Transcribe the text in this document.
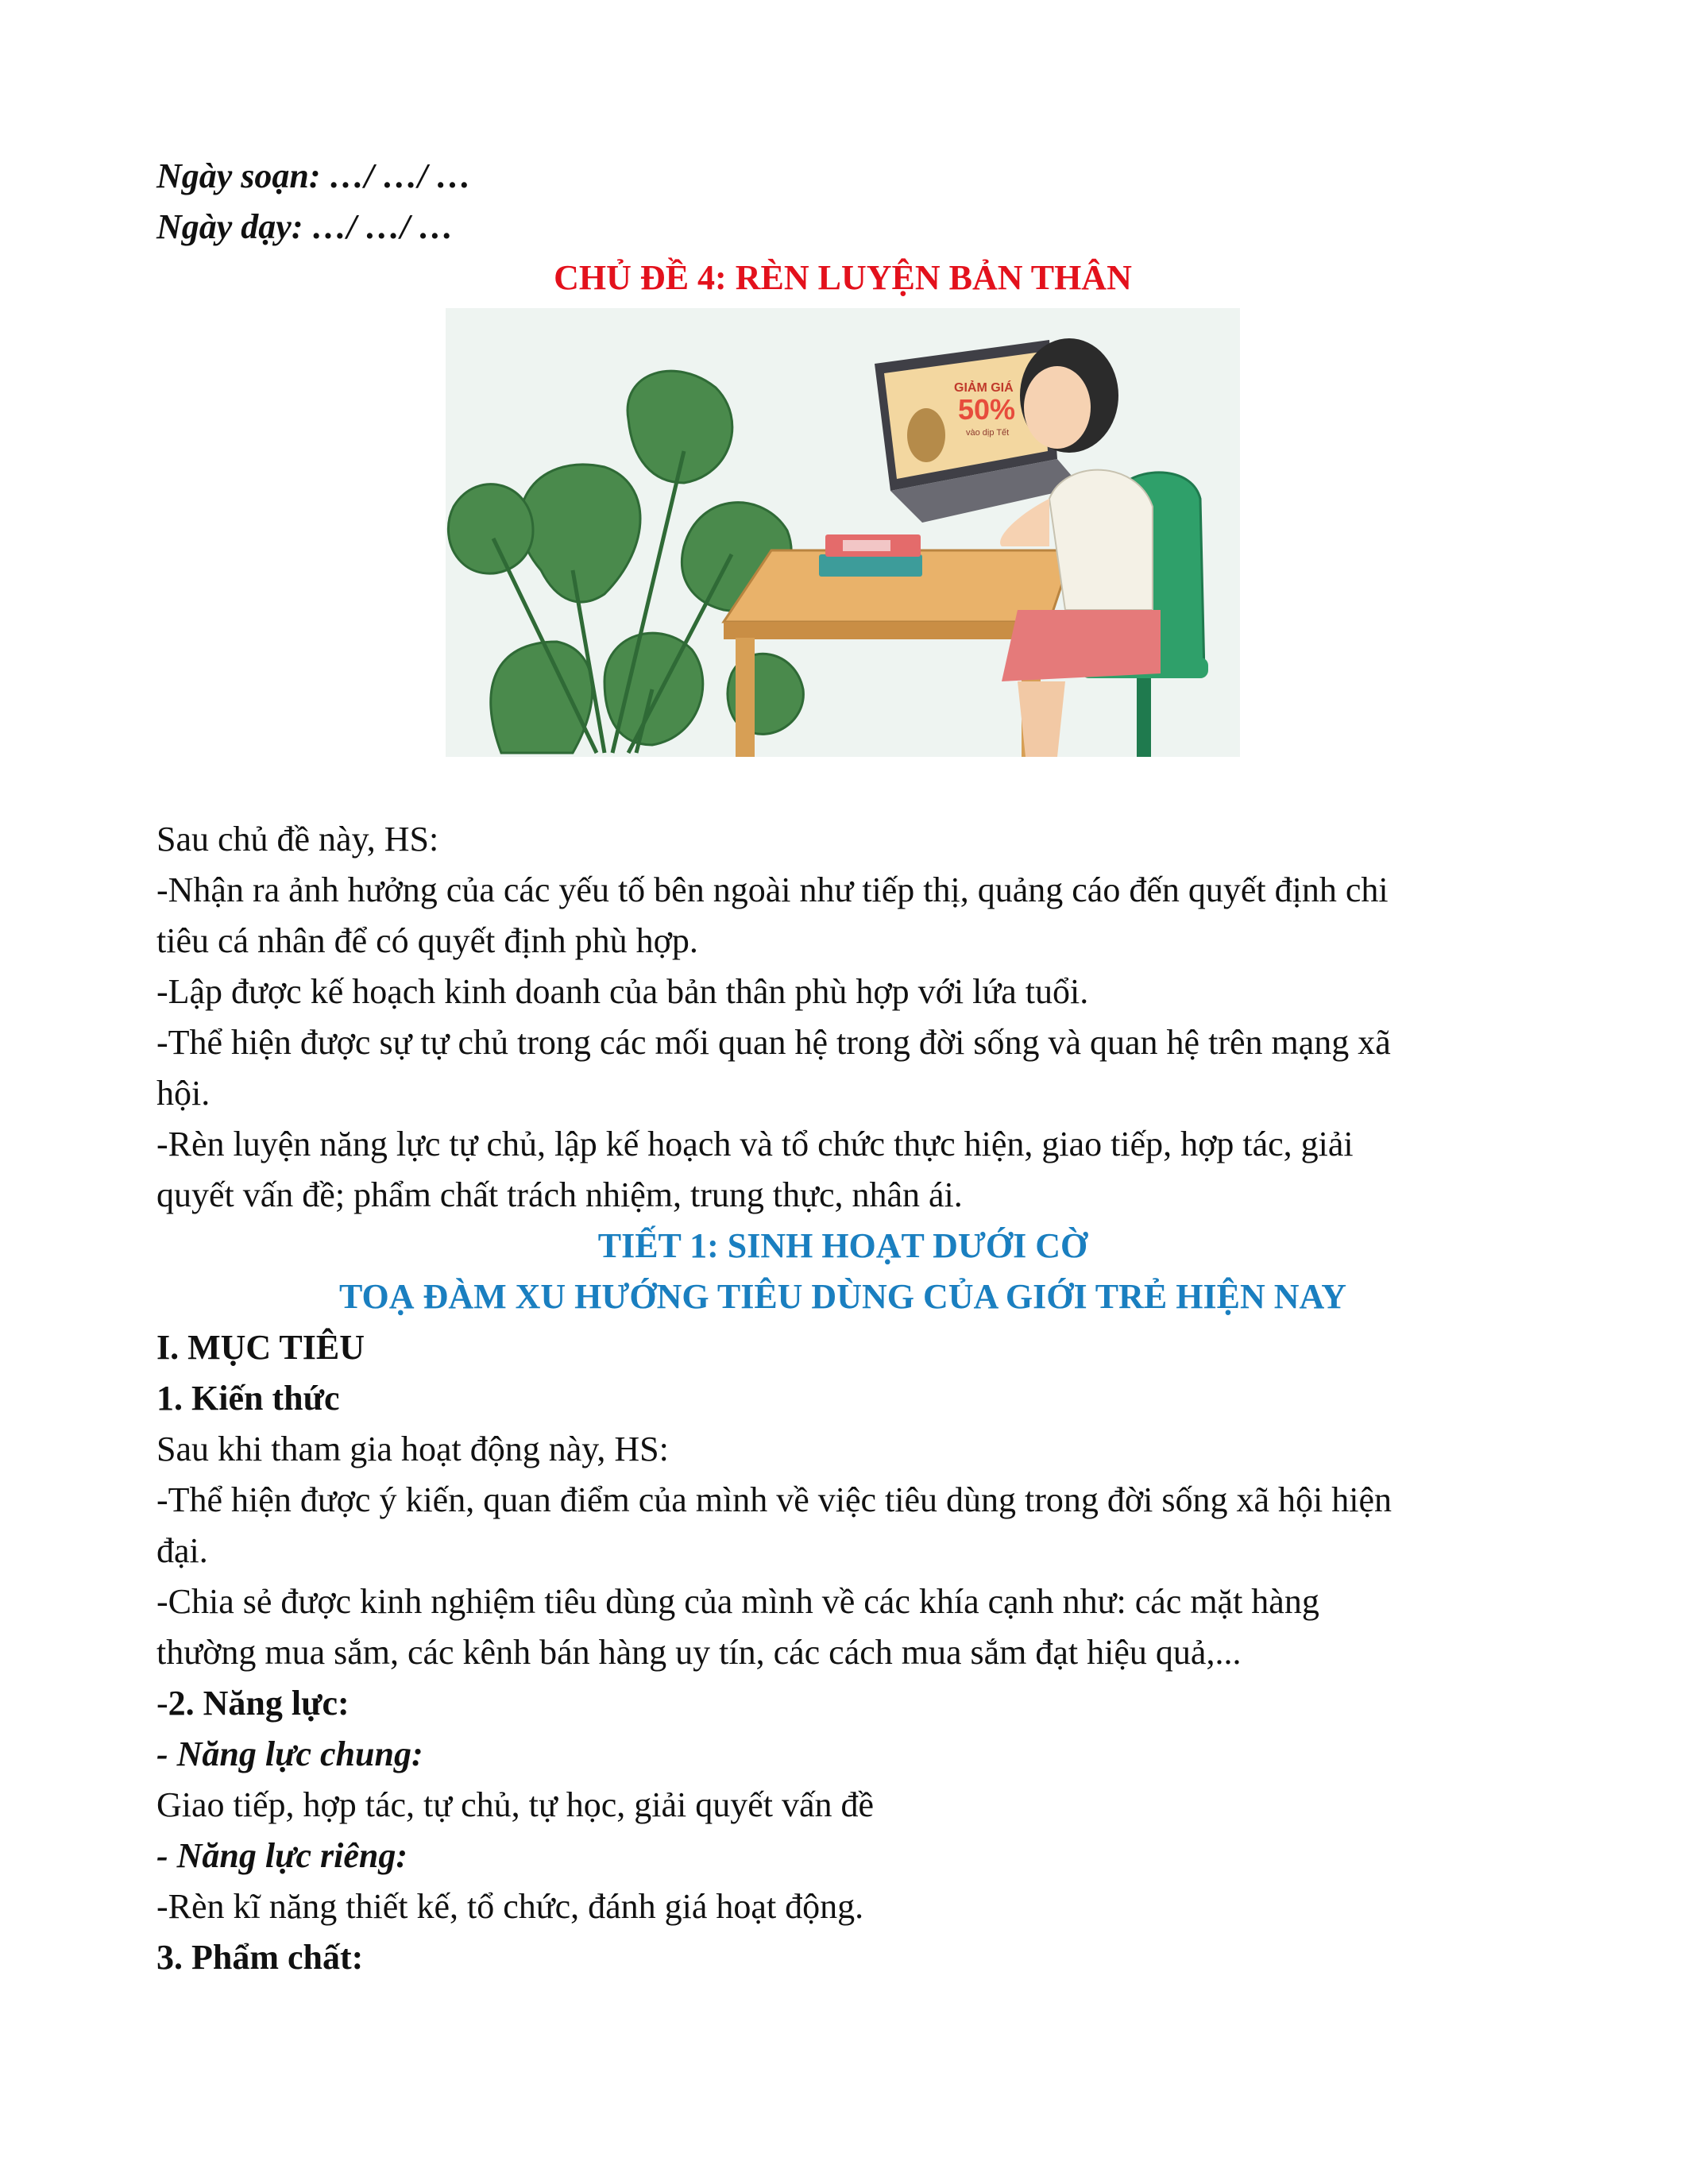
Ngày soạn: …/ …/ …

Ngày dạy: …/ …/ …

CHỦ ĐỀ 4: RÈN LUYỆN BẢN THÂN

GIẢM GIÁ
50%
vào dịp Tết

Sau chủ đề này, HS:

-Nhận ra ảnh hưởng của các yếu tố bên ngoài như tiếp thị, quảng cáo đến quyết định chi

tiêu cá nhân để có quyết định phù hợp.

-Lập được kế hoạch kinh doanh của bản thân phù hợp với lứa tuổi.

-Thể hiện được sự tự chủ trong các mối quan hệ trong đời sống và quan hệ trên mạng xã

hội.

-Rèn luyện năng lực tự chủ, lập kế hoạch và tổ chức thực hiện, giao tiếp, hợp tác, giải

quyết vấn đề; phẩm chất trách nhiệm, trung thực, nhân ái.

TIẾT 1: SINH HOẠT DƯỚI CỜ

TOẠ ĐÀM XU HƯỚNG TIÊU DÙNG CỦA GIỚI TRẺ HIỆN NAY

I. MỤC TIÊU

1. Kiến thức

Sau khi tham gia hoạt động này, HS:

-Thể hiện được ý kiến, quan điểm của mình về việc tiêu dùng trong đời sống xã hội hiện

đại.

-Chia sẻ được kinh nghiệm tiêu dùng của mình về các khía cạnh như: các mặt hàng

thường mua sắm, các kênh bán hàng uy tín, các cách mua sắm đạt hiệu quả,...

-2. Năng lực:

- Năng lực chung:

Giao tiếp, hợp tác, tự chủ, tự học, giải quyết vấn đề

- Năng lực riêng:

-Rèn kĩ năng thiết kế, tổ chức, đánh giá hoạt động.

3. Phẩm chất:
